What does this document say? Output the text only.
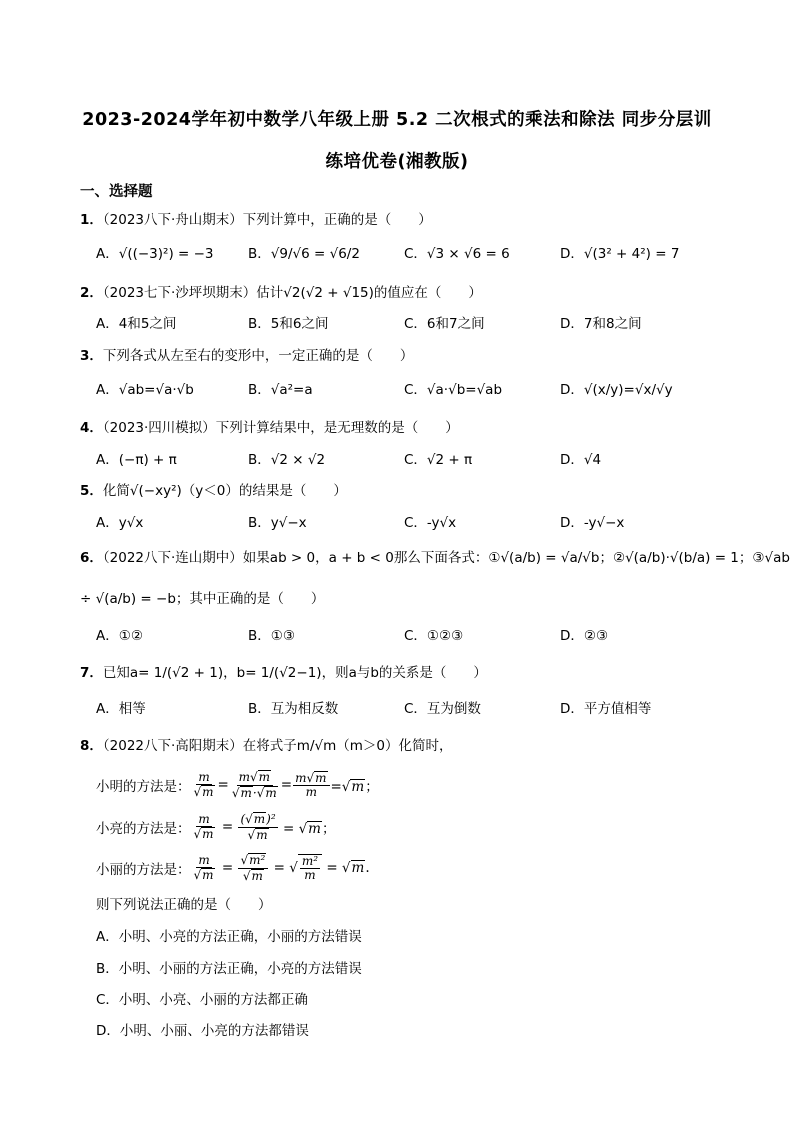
2023-2024学年初中数学八年级上册 5.2 二次根式的乘法和除法 同步分层训
练培优卷(湘教版)
一、选择题
1．（2023八下·舟山期末）下列计算中，正确的是（　　）
A．√((−3)²) = −3	B．√9/√6 = √6/2	C．√3 × √6 = 6	D．√(3² + 4²) = 7
2．（2023七下·沙坪坝期末）估计√2(√2 + √15)的值应在（　　）
A．4和5之间	B．5和6之间	C．6和7之间	D．7和8之间
3．下列各式从左至右的变形中，一定正确的是（　　）
A．√ab=√a·√b	B．√a²=a	C．√a·√b=√ab	D．√(x/y)=√x/√y
4．（2023·四川模拟）下列计算结果中，是无理数的是（　　）
A．(−π) + π	B．√2 × √2	C．√2 + π	D．√4
5．化简√(−xy²)（y＜0）的结果是（　　）
A．y√x	B．y√−x	C．-y√x	D．-y√−x
6．（2022八下·连山期中）如果ab > 0，a + b < 0那么下面各式：①√(a/b) = √a/√b；②√(a/b)·√(b/a) = 1；③√ab
÷ √(a/b) = −b；其中正确的是（　　）
A．①②	B．①③	C．①②③	D．②③
7．已知a= 1/(√2 + 1)，b= 1/(√2−1)，则a与b的关系是（　　）
A．相等	B．互为相反数	C．互为倒数	D．平方值相等
8．（2022八下·高阳期末）在将式子m/√m（m＞0）化简时，
小明的方法是： $\frac{m}{√m} = \frac{m√m}{√m\cdot√m} = \frac{m√m}{m} =√m$；
小亮的方法是： $\frac{m}{√m} = \frac{\text{(√m)²}}{√m} = √m$；
小丽的方法是： $\frac{m}{√m} = \frac{\text{√m²}}{√m}$ = √ $\frac{\text{m²}}{m} = √m$.
则下列说法正确的是（　　）
A．小明、小亮的方法正确，小丽的方法错误
B．小明、小丽的方法正确，小亮的方法错误
C．小明、小亮、小丽的方法都正确
D．小明、小丽、小亮的方法都错误
